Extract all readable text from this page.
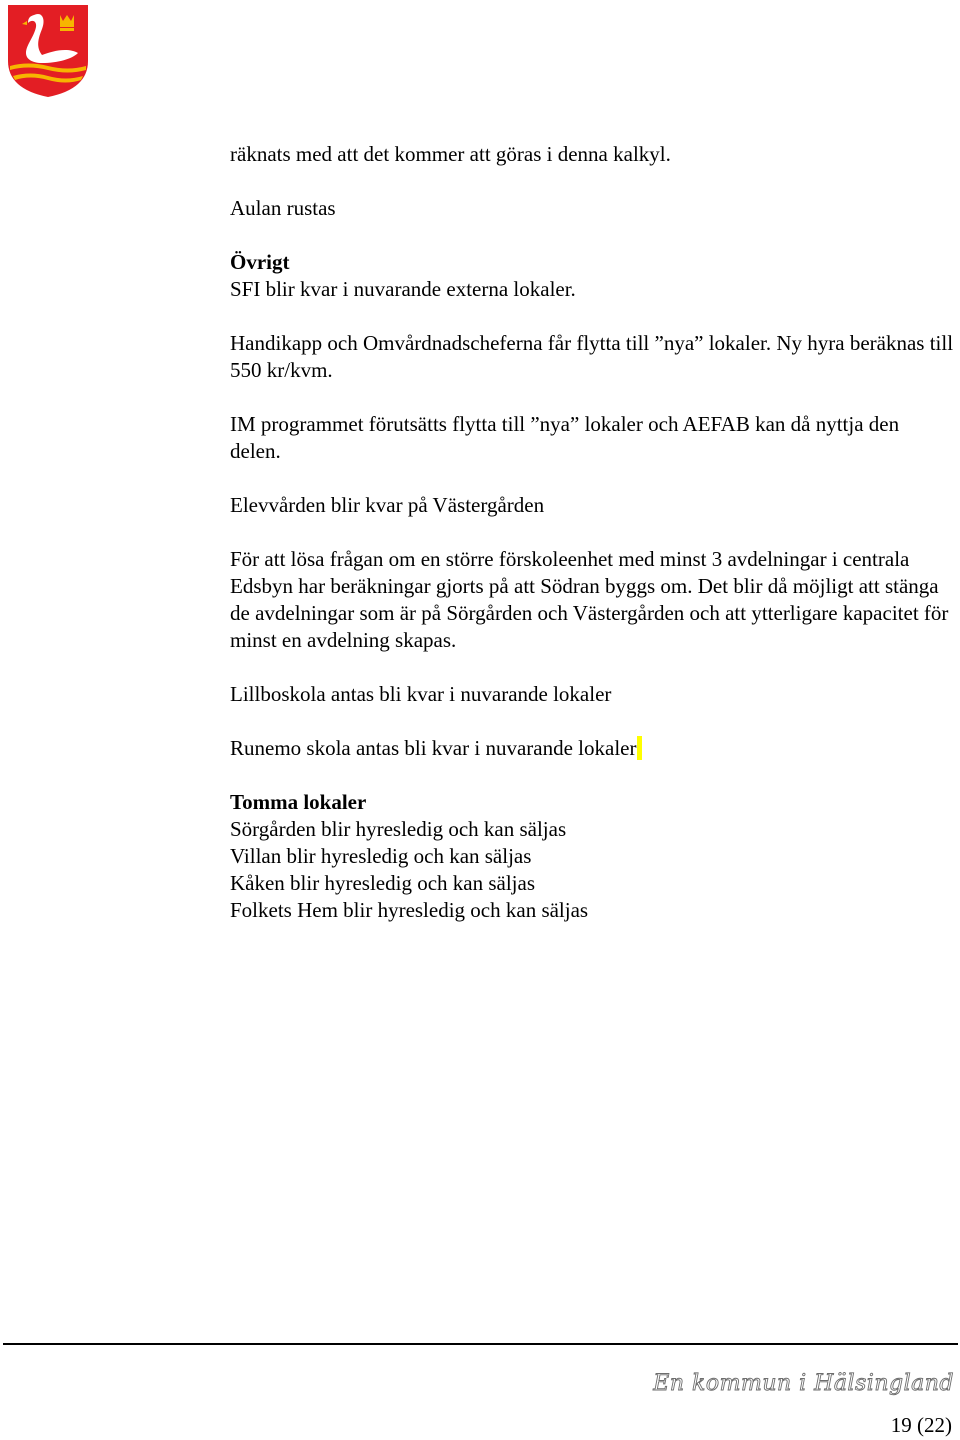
räknats med att det kommer att göras i denna kalkyl.

Aulan rustas

Övrigt
SFI blir kvar i nuvarande externa lokaler.

Handikapp och Omvårdnadscheferna får flytta till ”nya” lokaler. Ny hyra beräknas till 550 kr/kvm.

IM programmet förutsätts flytta till ”nya” lokaler och AEFAB kan då nyttja den delen.

Elevvården blir kvar på Västergården

För att lösa frågan om en större förskoleenhet med minst 3 avdelningar i centrala Edsbyn har beräkningar gjorts på att Södran byggs om. Det blir då möjligt att stänga de avdelningar som är på Sörgården och Västergården och att ytterligare kapacitet för minst en avdelning skapas.

Lillboskola antas bli kvar i nuvarande lokaler

Runemo skola antas bli kvar i nuvarande lokaler

Tomma lokaler
Sörgården blir hyresledig och kan säljas
Villan blir hyresledig och kan säljas
Kåken blir hyresledig och kan säljas
Folkets Hem blir hyresledig och kan säljas

En kommun i Hälsingland
19 (22)
